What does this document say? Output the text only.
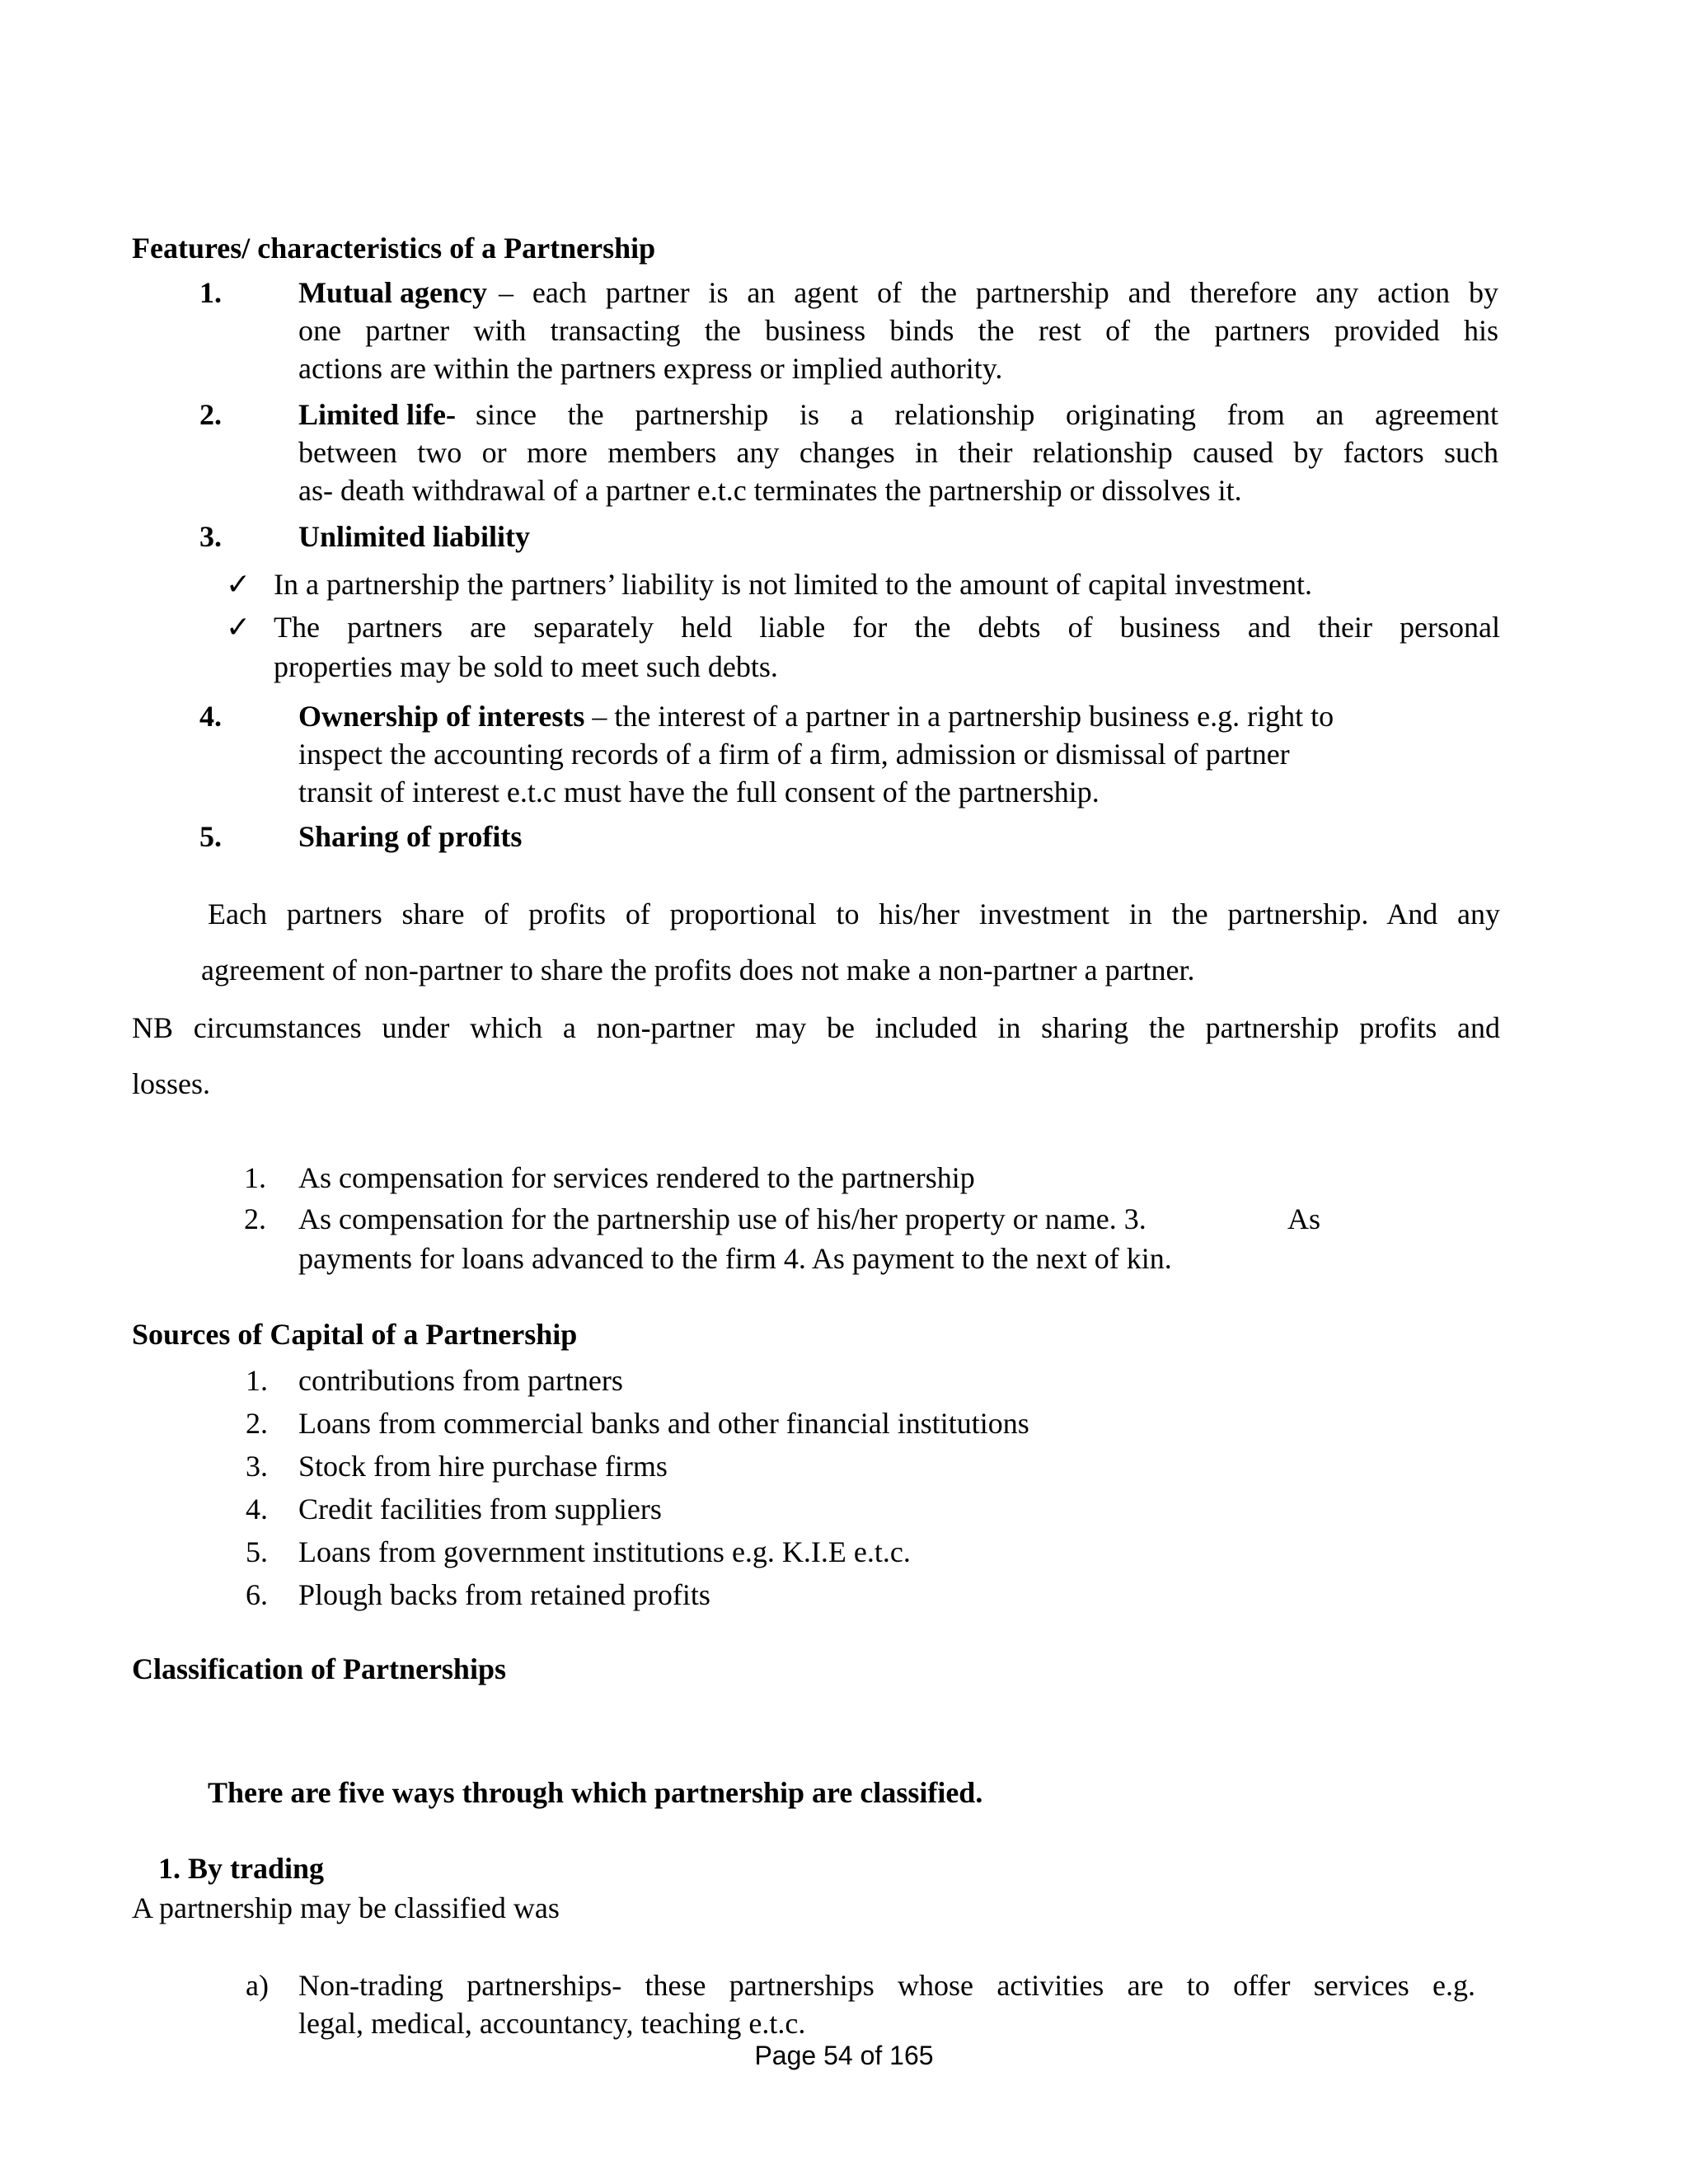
Features/ characteristics of a Partnership
1.	Mutual agency – each partner is an agent of the partnership and therefore any action by
one partner with transacting the business binds the rest of the partners provided his
actions are within the partners express or implied authority.
2.	Limited life- since the partnership is a relationship originating from an agreement
between two or more members any changes in their relationship caused by factors such
as- death withdrawal of a partner e.t.c terminates the partnership or dissolves it.
3.	Unlimited liability
✓ In a partnership the partners’ liability is not limited to the amount of capital investment.
✓ The partners are separately held liable for the debts of business and their personal
properties may be sold to meet such debts.
4.	Ownership of interests – the interest of a partner in a partnership business e.g. right to
inspect the accounting records of a firm of a firm, admission or dismissal of partner
transit of interest e.t.c must have the full consent of the partnership.
5.	Sharing of profits
Each partners share of profits of proportional to his/her investment in the partnership. And any
agreement of non-partner to share the profits does not make a non-partner a partner.
NB circumstances under which a non-partner may be included in sharing the partnership profits and
losses.
1. As compensation for services rendered to the partnership
2. As compensation for the partnership use of his/her property or name. 3.	As
payments for loans advanced to the firm 4. As payment to the next of kin.
Sources of Capital of a Partnership
1. contributions from partners
2. Loans from commercial banks and other financial institutions
3. Stock from hire purchase firms
4. Credit facilities from suppliers
5. Loans from government institutions e.g. K.I.E e.t.c.
6. Plough backs from retained profits
Classification of Partnerships
There are five ways through which partnership are classified.
1. By trading
A partnership may be classified was
a) Non-trading partnerships- these partnerships whose activities are to offer services e.g.
legal, medical, accountancy, teaching e.t.c.
Page 54 of 165
